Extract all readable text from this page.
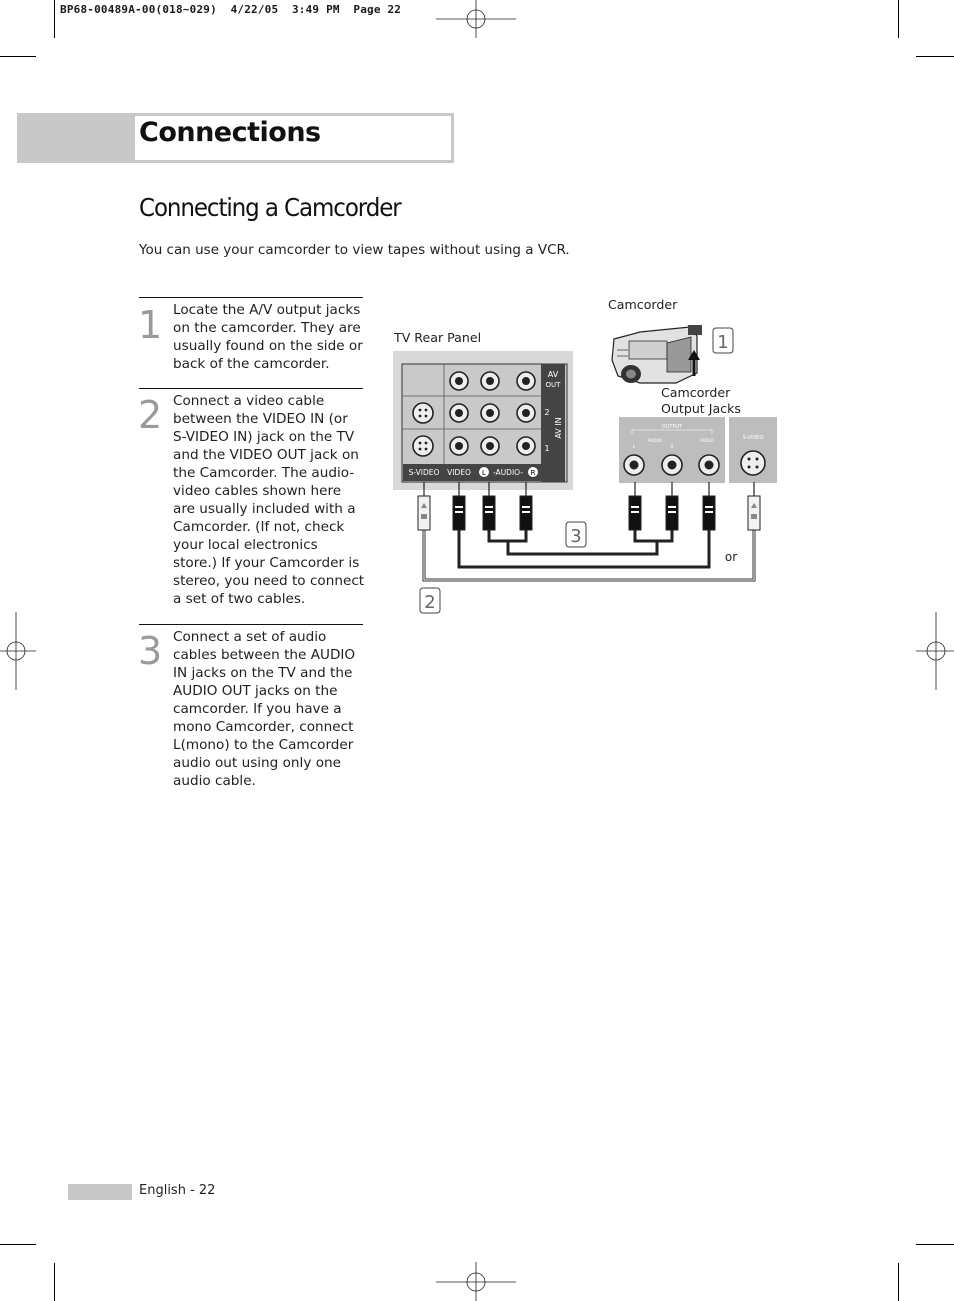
BP68-00489A-00(018~029)  4/22/05  3:49 PM  Page 22
Connections
Connecting a Camcorder
You can use your camcorder to view tapes without using a VCR.
1 Locate the A/V output jacks on the camcorder. They are usually found on the side or back of the camcorder.
2 Connect a video cable between the VIDEO IN (or S-VIDEO IN) jack on the TV and the VIDEO OUT jack on the Camcorder. The audio-video cables shown here are usually included with a Camcorder. (If not, check your local electronics store.) If your Camcorder is stereo, you need to connect a set of two cables.
3 Connect a set of audio cables between the AUDIO IN jacks on the TV and the AUDIO OUT jacks on the camcorder. If you have a mono Camcorder, connect L(mono) to the Camcorder audio out using only one audio cable.
Camcorder
TV Rear Panel
Camcorder
Output Jacks
AV
OUT
2
1
AV IN
S-VIDEO VIDEO L -AUDIO- R
1
3
2
OUTPUT
L
AUDIO
R
VIDEO
S-VIDEO
or
English - 22
